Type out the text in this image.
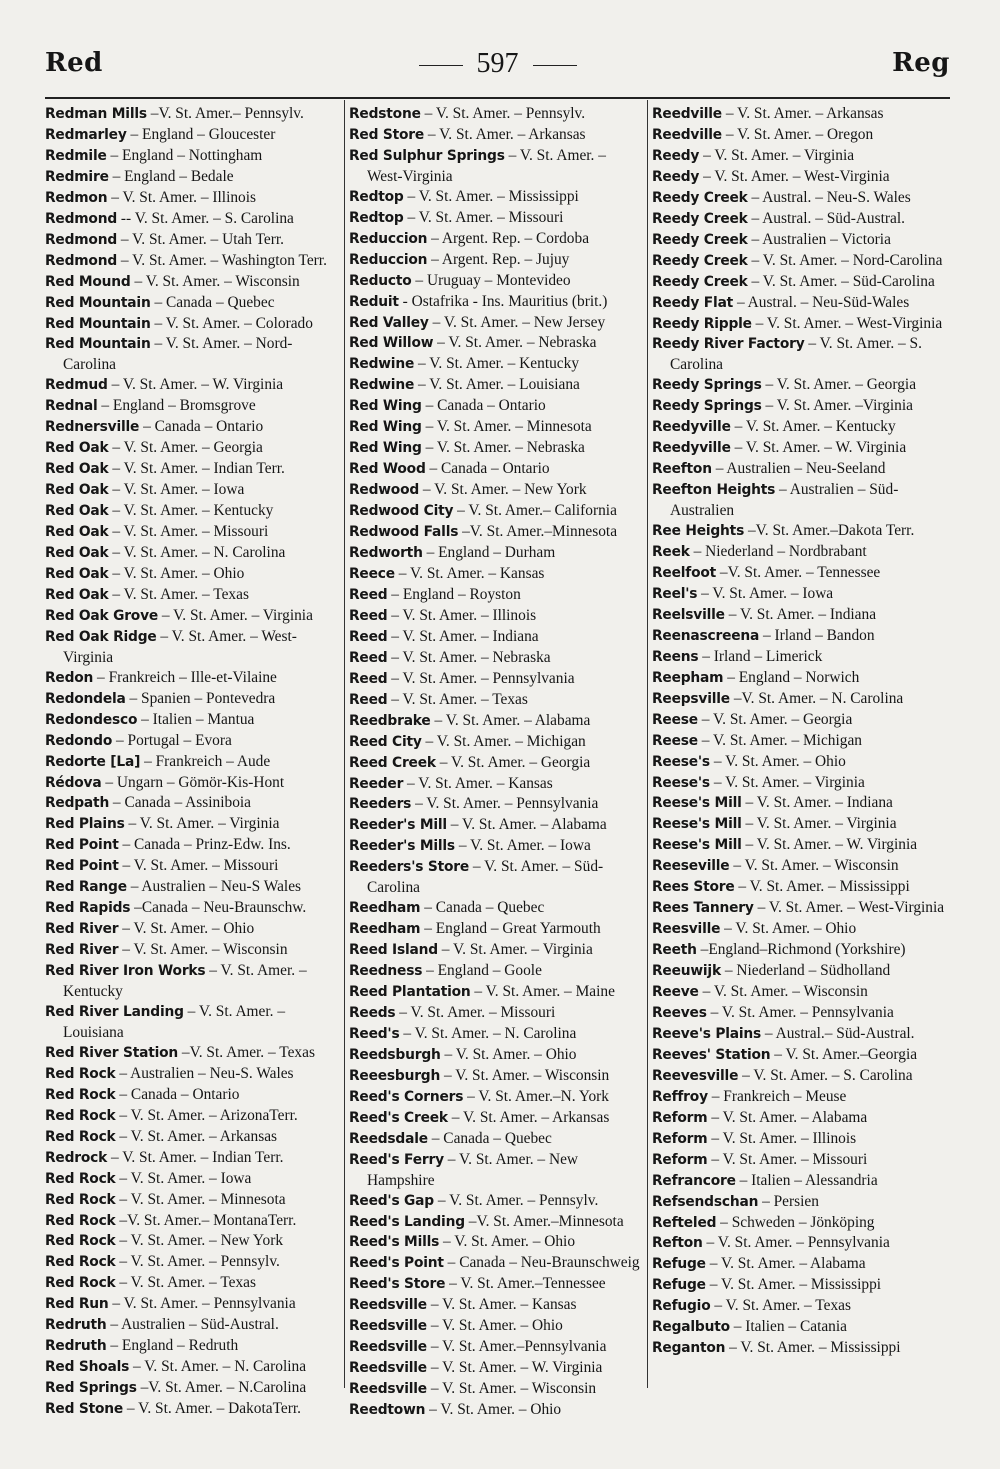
Red	597	Reg
Redman Mills –V. St. Amer.– Pennsylv.
Redmarley – England – Gloucester
Redmile – England – Nottingham
Redmire – England – Bedale
Redmon – V. St. Amer. – Illinois
Redmond -- V. St. Amer. – S. Carolina
Redmond – V. St. Amer. – Utah Terr.
Redmond – V. St. Amer. – Washington Terr.
Red Mound – V. St. Amer. – Wisconsin
Red Mountain – Canada – Quebec
Red Mountain – V. St. Amer. – Colorado
Red Mountain – V. St. Amer. – Nord-Carolina
Redmud – V. St. Amer. – W. Virginia
Rednal – England – Bromsgrove
Rednersville – Canada – Ontario
Red Oak – V. St. Amer. – Georgia
Red Oak – V. St. Amer. – Indian Terr.
Red Oak – V. St. Amer. – Iowa
Red Oak – V. St. Amer. – Kentucky
Red Oak – V. St. Amer. – Missouri
Red Oak – V. St. Amer. – N. Carolina
Red Oak – V. St. Amer. – Ohio
Red Oak – V. St. Amer. – Texas
Red Oak Grove – V. St. Amer. – Virginia
Red Oak Ridge – V. St. Amer. – West-Virginia
Redon – Frankreich – Ille-et-Vilaine
Redondela – Spanien – Pontevedra
Redondesco – Italien – Mantua
Redondo – Portugal – Evora
Redorte [La] – Frankreich – Aude
Rédova – Ungarn – Gömör-Kis-Hont
Redpath – Canada – Assiniboia
Red Plains – V. St. Amer. – Virginia
Red Point – Canada – Prinz-Edw. Ins.
Red Point – V. St. Amer. – Missouri
Red Range – Australien – Neu-S Wales
Red Rapids –Canada – Neu-Braunschw.
Red River – V. St. Amer. – Ohio
Red River – V. St. Amer. – Wisconsin
Red River Iron Works – V. St. Amer. – Kentucky
Red River Landing – V. St. Amer. – Louisiana
Red River Station –V. St. Amer. – Texas
Red Rock – Australien – Neu-S. Wales
Red Rock – Canada – Ontario
Red Rock – V. St. Amer. – ArizonaTerr.
Red Rock – V. St. Amer. – Arkansas
Redrock – V. St. Amer. – Indian Terr.
Red Rock – V. St. Amer. – Iowa
Red Rock – V. St. Amer. – Minnesota
Red Rock –V. St. Amer.– MontanaTerr.
Red Rock – V. St. Amer. – New York
Red Rock – V. St. Amer. – Pennsylv.
Red Rock – V. St. Amer. – Texas
Red Run – V. St. Amer. – Pennsylvania
Redruth – Australien – Süd-Austral.
Redruth – England – Redruth
Red Shoals – V. St. Amer. – N. Carolina
Red Springs –V. St. Amer. – N.Carolina
Red Stone – V. St. Amer. – DakotaTerr.
Redstone – V. St. Amer. – Pennsylv.
Red Store – V. St. Amer. – Arkansas
Red Sulphur Springs – V. St. Amer. – West-Virginia
Redtop – V. St. Amer. – Mississippi
Redtop – V. St. Amer. – Missouri
Reduccion – Argent. Rep. – Cordoba
Reduccion – Argent. Rep. – Jujuy
Reducto – Uruguay – Montevideo
Reduit - Ostafrika - Ins. Mauritius (brit.)
Red Valley – V. St. Amer. – New Jersey
Red Willow – V. St. Amer. – Nebraska
Redwine – V. St. Amer. – Kentucky
Redwine – V. St. Amer. – Louisiana
Red Wing – Canada – Ontario
Red Wing – V. St. Amer. – Minnesota
Red Wing – V. St. Amer. – Nebraska
Red Wood – Canada – Ontario
Redwood – V. St. Amer. – New York
Redwood City – V. St. Amer.– California
Redwood Falls –V. St. Amer.–Minnesota
Redworth – England – Durham
Reece – V. St. Amer. – Kansas
Reed – England – Royston
Reed – V. St. Amer. – Illinois
Reed – V. St. Amer. – Indiana
Reed – V. St. Amer. – Nebraska
Reed – V. St. Amer. – Pennsylvania
Reed – V. St. Amer. – Texas
Reedbrake – V. St. Amer. – Alabama
Reed City – V. St. Amer. – Michigan
Reed Creek – V. St. Amer. – Georgia
Reeder – V. St. Amer. – Kansas
Reeders – V. St. Amer. – Pennsylvania
Reeder's Mill – V. St. Amer. – Alabama
Reeder's Mills – V. St. Amer. – Iowa
Reeders's Store – V. St. Amer. – Süd-Carolina
Reedham – Canada – Quebec
Reedham – England – Great Yarmouth
Reed Island – V. St. Amer. – Virginia
Reedness – England – Goole
Reed Plantation – V. St. Amer. – Maine
Reeds – V. St. Amer. – Missouri
Reed's – V. St. Amer. – N. Carolina
Reedsburgh – V. St. Amer. – Ohio
Reeesburgh – V. St. Amer. – Wisconsin
Reed's Corners – V. St. Amer.–N. York
Reed's Creek – V. St. Amer. – Arkansas
Reedsdale – Canada – Quebec
Reed's Ferry – V. St. Amer. – New Hampshire
Reed's Gap – V. St. Amer. – Pennsylv.
Reed's Landing –V. St. Amer.–Minnesota
Reed's Mills – V. St. Amer. – Ohio
Reed's Point – Canada – Neu-Braunschweig
Reed's Store – V. St. Amer.–Tennessee
Reedsville – V. St. Amer. – Kansas
Reedsville – V. St. Amer. – Ohio
Reedsville – V. St. Amer.–Pennsylvania
Reedsville – V. St. Amer. – W. Virginia
Reedsville – V. St. Amer. – Wisconsin
Reedtown – V. St. Amer. – Ohio
Reedville – V. St. Amer. – Arkansas
Reedville – V. St. Amer. – Oregon
Reedy – V. St. Amer. – Virginia
Reedy – V. St. Amer. – West-Virginia
Reedy Creek – Austral. – Neu-S. Wales
Reedy Creek – Austral. – Süd-Austral.
Reedy Creek – Australien – Victoria
Reedy Creek – V. St. Amer. – Nord-Carolina
Reedy Creek – V. St. Amer. – Süd-Carolina
Reedy Flat – Austral. – Neu-Süd-Wales
Reedy Ripple – V. St. Amer. – West-Virginia
Reedy River Factory – V. St. Amer. – S. Carolina
Reedy Springs – V. St. Amer. – Georgia
Reedy Springs – V. St. Amer. –Virginia
Reedyville – V. St. Amer. – Kentucky
Reedyville – V. St. Amer. – W. Virginia
Reefton – Australien – Neu-Seeland
Reefton Heights – Australien – Süd-Australien
Ree Heights –V. St. Amer.–Dakota Terr.
Reek – Niederland – Nordbrabant
Reelfoot –V. St. Amer. – Tennessee
Reel's – V. St. Amer. – Iowa
Reelsville – V. St. Amer. – Indiana
Reenascreena – Irland – Bandon
Reens – Irland – Limerick
Reepham – England – Norwich
Reepsville –V. St. Amer. – N. Carolina
Reese – V. St. Amer. – Georgia
Reese – V. St. Amer. – Michigan
Reese's – V. St. Amer. – Ohio
Reese's – V. St. Amer. – Virginia
Reese's Mill – V. St. Amer. – Indiana
Reese's Mill – V. St. Amer. – Virginia
Reese's Mill – V. St. Amer. – W. Virginia
Reeseville – V. St. Amer. – Wisconsin
Rees Store – V. St. Amer. – Mississippi
Rees Tannery – V. St. Amer. – West-Virginia
Reesville – V. St. Amer. – Ohio
Reeth –England–Richmond (Yorkshire)
Reeuwijk – Niederland – Südholland
Reeve – V. St. Amer. – Wisconsin
Reeves – V. St. Amer. – Pennsylvania
Reeve's Plains – Austral.– Süd-Austral.
Reeves' Station – V. St. Amer.–Georgia
Reevesville – V. St. Amer. – S. Carolina
Reffroy – Frankreich – Meuse
Reform – V. St. Amer. – Alabama
Reform – V. St. Amer. – Illinois
Reform – V. St. Amer. – Missouri
Refrancore – Italien – Alessandria
Refsendschan – Persien
Refteled – Schweden – Jönköping
Refton – V. St. Amer. – Pennsylvania
Refuge – V. St. Amer. – Alabama
Refuge – V. St. Amer. – Mississippi
Refugio – V. St. Amer. – Texas
Regalbuto – Italien – Catania
Reganton – V. St. Amer. – Mississippi
